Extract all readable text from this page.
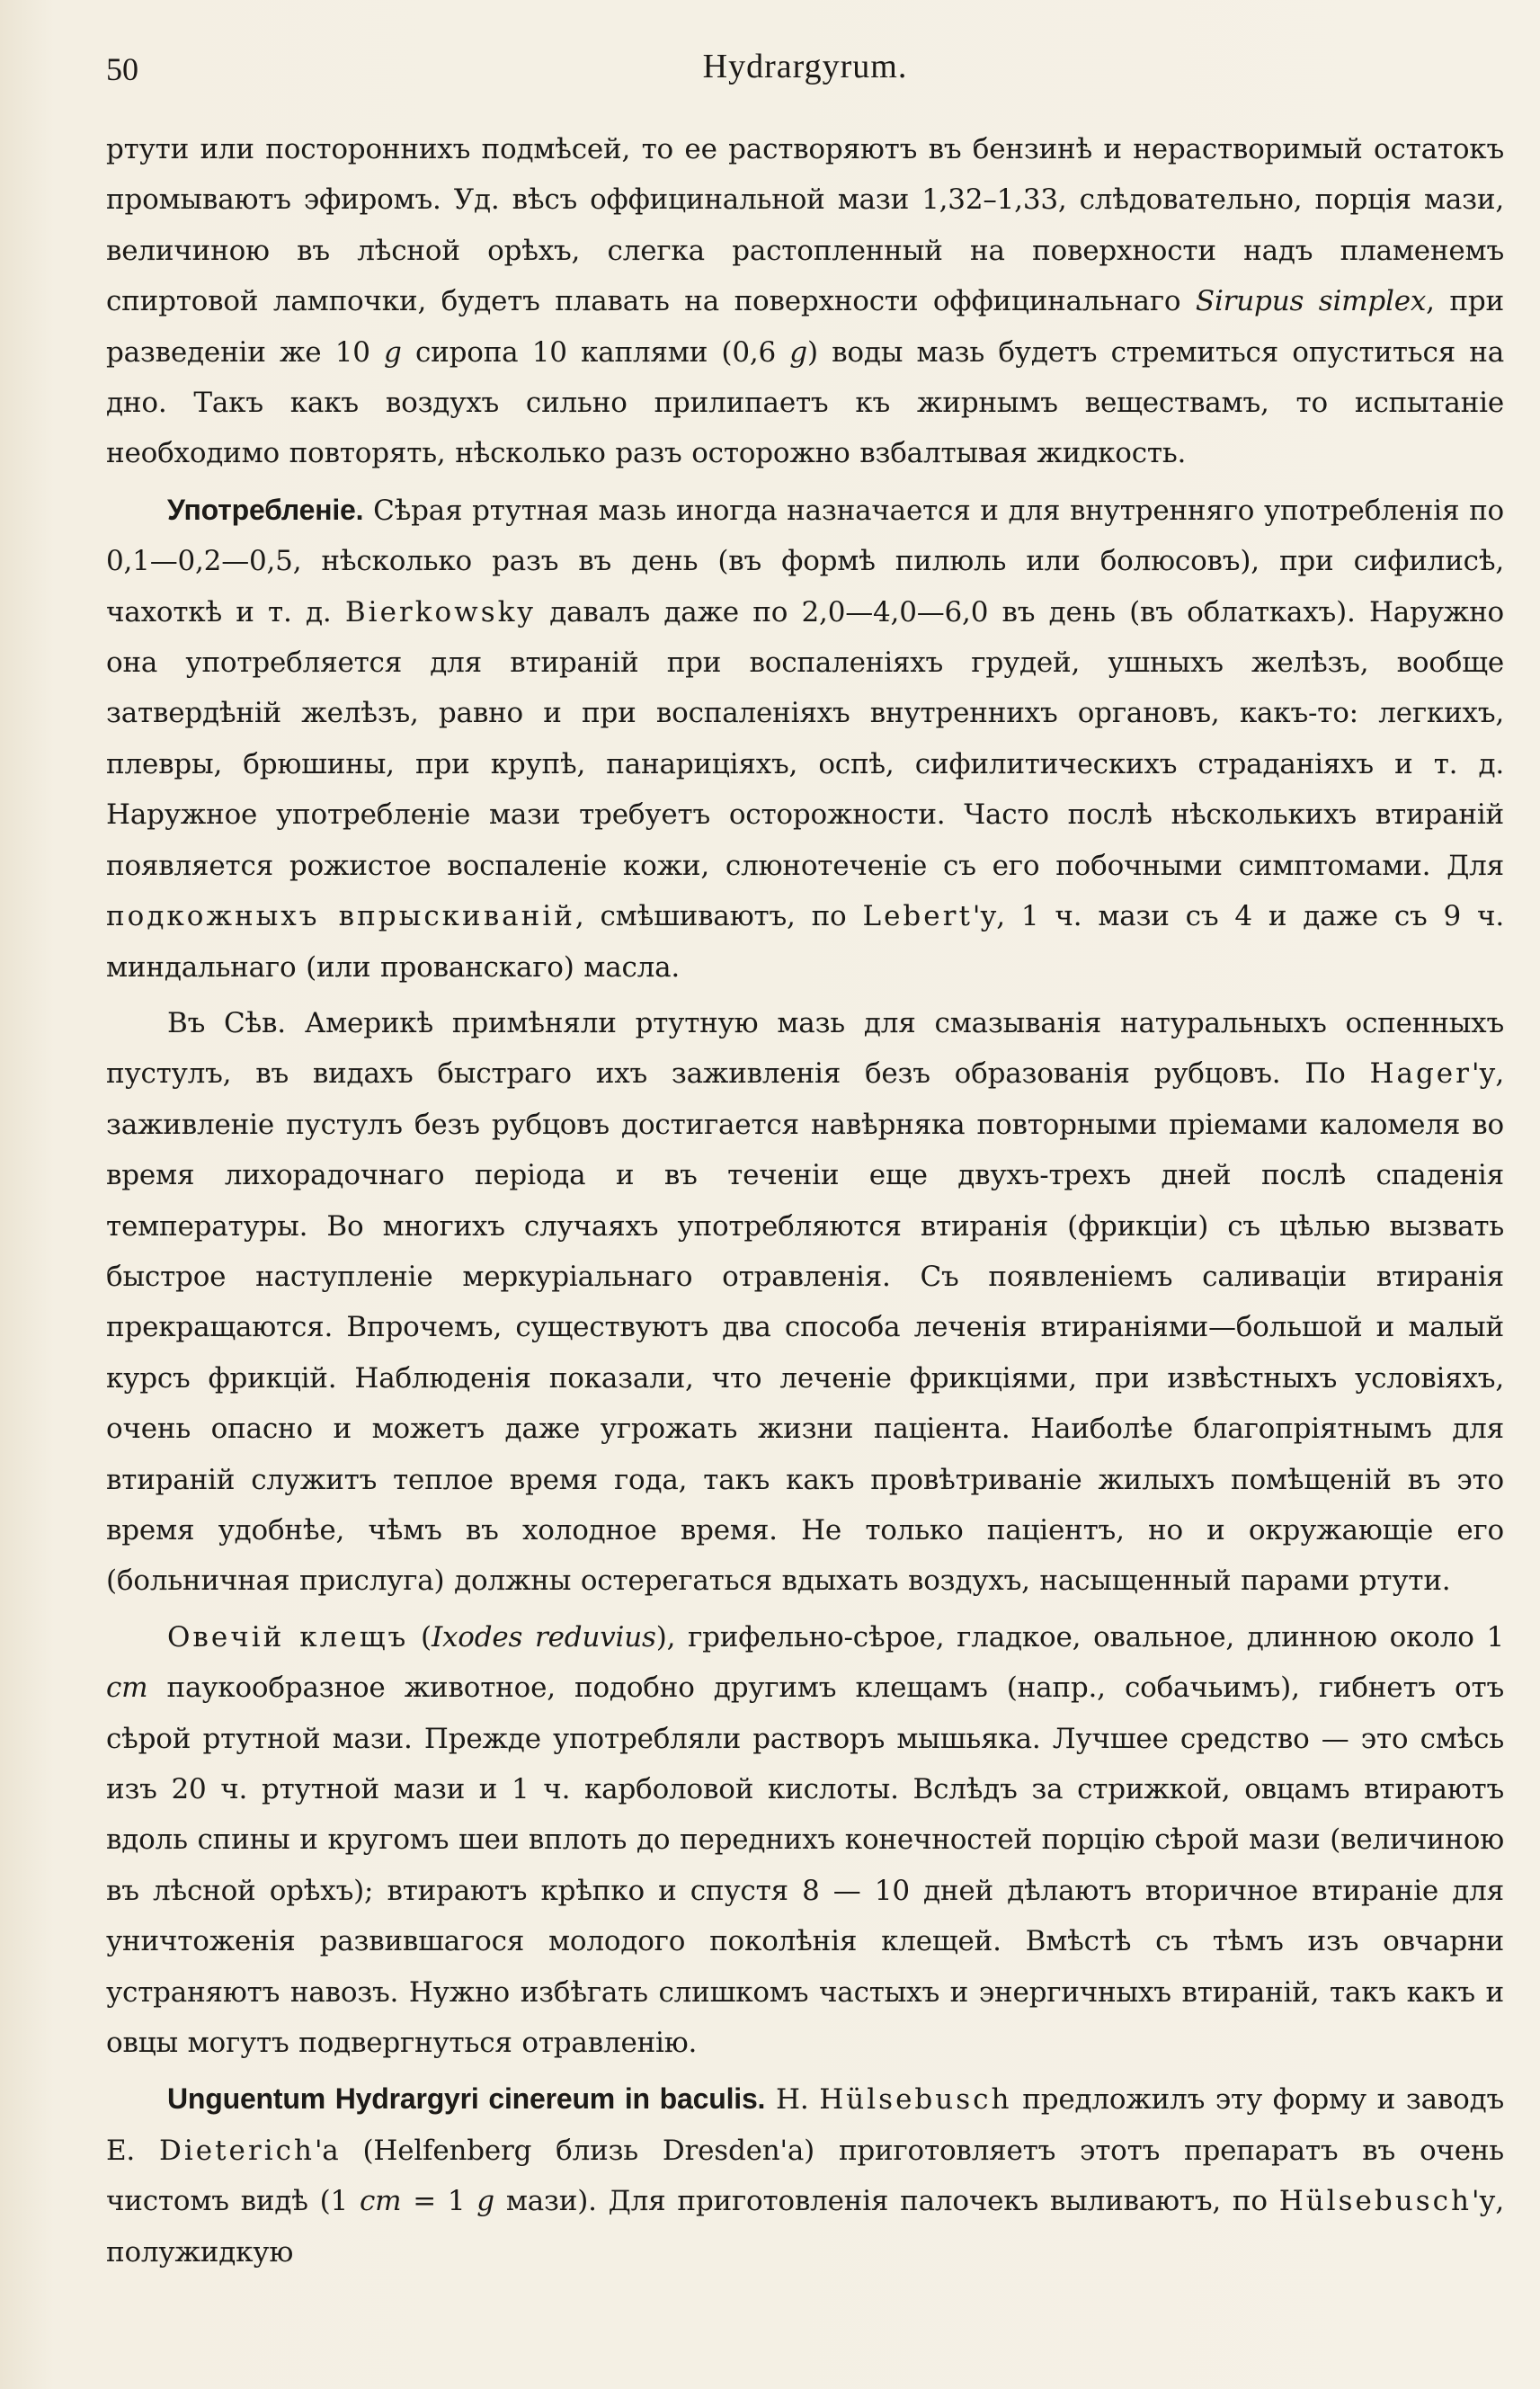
50	Hydrargyrum.

ртути или постороннихъ подмѣсей, то ее растворяютъ въ бензинѣ и нерастворимый остатокъ промываютъ эфиромъ. Уд. вѣсъ оффицинальной мази 1,32–1,33, слѣдовательно, порція мази, величиною въ лѣсной орѣхъ, слегка растопленный на поверхности надъ пламенемъ спиртовой лампочки, будетъ плавать на поверхности оффицинальнаго Sirupus simplex, при разведеніи же 10 g сиропа 10 каплями (0,6 g) воды мазь будетъ стремиться опуститься на дно. Такъ какъ воздухъ сильно прилипаетъ къ жирнымъ веществамъ, то испытаніе необходимо повторять, нѣсколько разъ осторожно взбалтывая жидкость.

Употребленіе. Сѣрая ртутная мазь иногда назначается и для внутренняго употребленія по 0,1—0,2—0,5, нѣсколько разъ въ день (въ формѣ пилюль или болюсовъ), при сифилисѣ, чахоткѣ и т. д. Bierkowsky давалъ даже по 2,0—4,0—6,0 въ день (въ облаткахъ). Наружно она употребляется для втираній при воспаленіяхъ грудей, ушныхъ желѣзъ, вообще затвердѣній желѣзъ, равно и при воспаленіяхъ внутреннихъ органовъ, какъ-то: легкихъ, плевры, брюшины, при крупѣ, панариціяхъ, оспѣ, сифилитическихъ страданіяхъ и т. д. Наружное употребленіе мази требуетъ осторожности. Часто послѣ нѣсколькихъ втираній появляется рожистое воспаленіе кожи, слюнотеченіе съ его побочными симптомами. Для подкожныхъ впрыскиваній, смѣшиваютъ, по Lebert'у, 1 ч. мази съ 4 и даже съ 9 ч. миндальнаго (или прованскаго) масла.

Въ Сѣв. Америкѣ примѣняли ртутную мазь для смазыванія натуральныхъ оспенныхъ пустулъ, въ видахъ быстраго ихъ заживленія безъ образованія рубцовъ. По Hager'у, заживленіе пустулъ безъ рубцовъ достигается навѣрняка повторными пріемами каломеля во время лихорадочнаго періода и въ теченіи еще двухъ-трехъ дней послѣ спаденія температуры. Во многихъ случаяхъ употребляются втиранія (фрикціи) съ цѣлью вызвать быстрое наступленіе меркуріальнаго отравленія. Съ появленіемъ саливаціи втиранія прекращаются. Впрочемъ, существуютъ два способа леченія втираніями—большой и малый курсъ фрикцій. Наблюденія показали, что леченіе фрикціями, при извѣстныхъ условіяхъ, очень опасно и можетъ даже угрожать жизни паціента. Наиболѣе благопріятнымъ для втираній служитъ теплое время года, такъ какъ провѣтриваніе жилыхъ помѣщеній въ это время удобнѣе, чѣмъ въ холодное время. Не только паціентъ, но и окружающіе его (больничная прислуга) должны остерегаться вдыхать воздухъ, насыщенный парами ртути.

Овечій клещъ (Ixodes reduvius), грифельно-сѣрое, гладкое, овальное, длинною около 1 cm паукообразное животное, подобно другимъ клещамъ (напр., собачьимъ), гибнетъ отъ сѣрой ртутной мази. Прежде употребляли растворъ мышьяка. Лучшее средство — это смѣсь изъ 20 ч. ртутной мази и 1 ч. карболовой кислоты. Вслѣдъ за стрижкой, овцамъ втираютъ вдоль спины и кругомъ шеи вплоть до переднихъ конечностей порцію сѣрой мази (величиною въ лѣсной орѣхъ); втираютъ крѣпко и спустя 8 — 10 дней дѣлаютъ вторичное втираніе для уничтоженія развившагося молодого поколѣнія клещей. Вмѣстѣ съ тѣмъ изъ овчарни устраняютъ навозъ. Нужно избѣгать слишкомъ частыхъ и энергичныхъ втираній, такъ какъ и овцы могутъ подвергнуться отравленію.

Unguentum Hydrargyri cinereum in baculis. H. Hülsebusch предложилъ эту форму и заводъ E. Dieterich'а (Helfenberg близь Dresden'а) приготовляетъ этотъ препаратъ въ очень чистомъ видѣ (1 cm = 1 g мази). Для приготовленія палочекъ выливаютъ, по Hülsebusch'у, полужидкую
